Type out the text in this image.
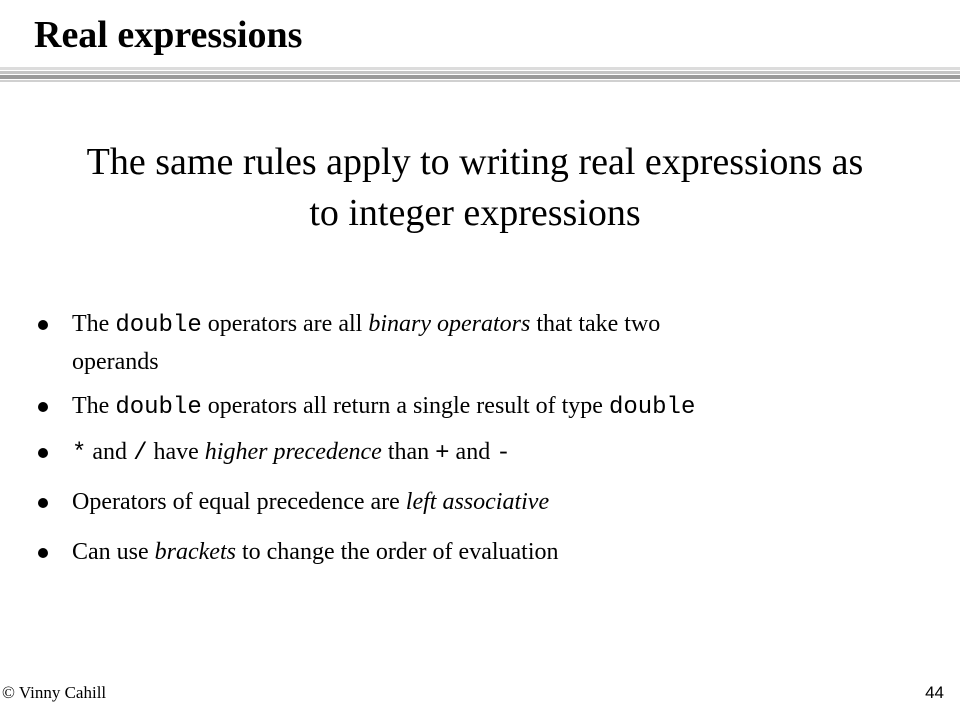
Real expressions

The same rules apply to writing real expressions as
to integer expressions

The double operators are all binary operators that take two
operands
The double operators all return a single result of type double
* and / have higher precedence than + and -
Operators of equal precedence are left associative
Can use brackets to change the order of evaluation

© Vinny Cahill	44
